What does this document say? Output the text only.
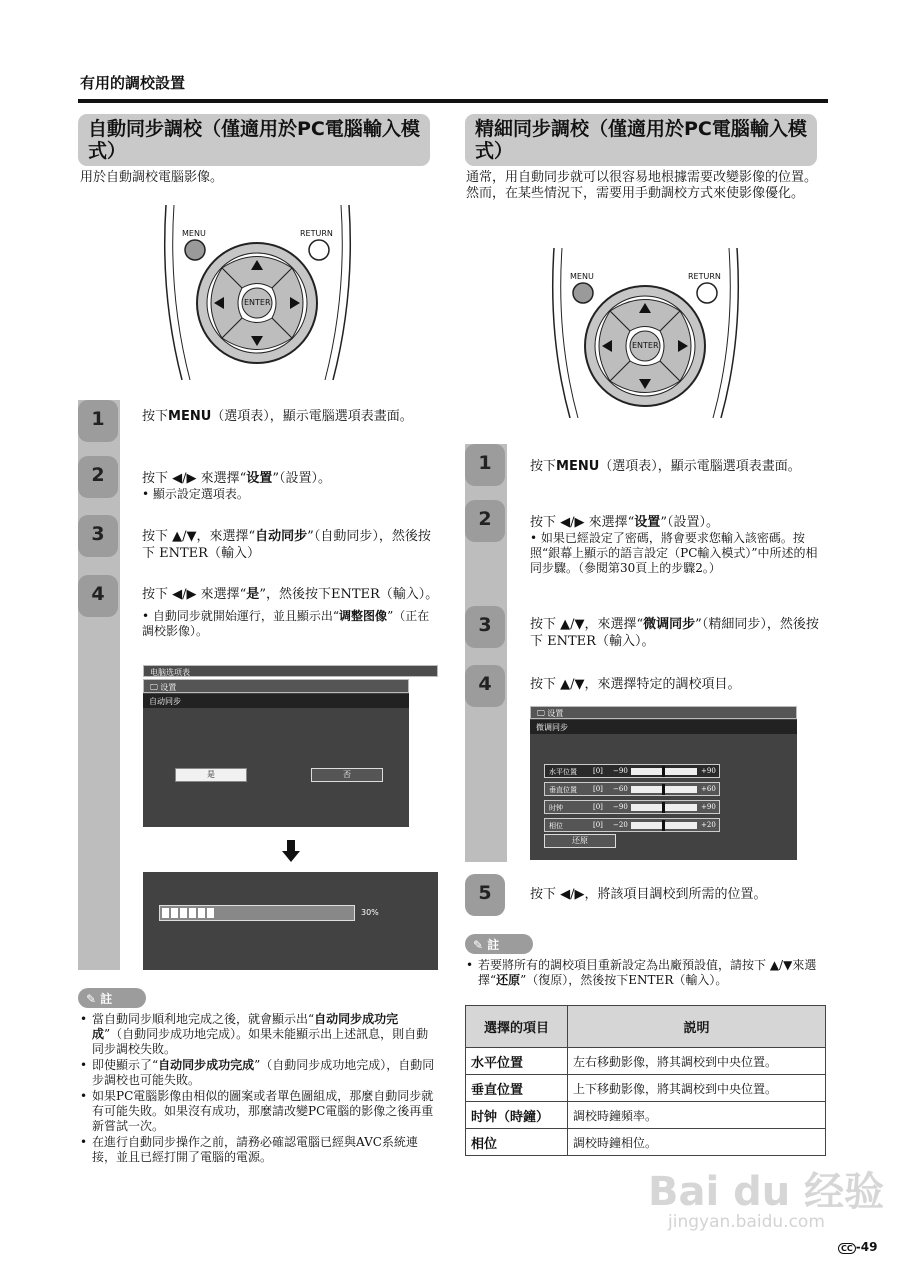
有用的調校設置
自動同步調校（僅適用於PC電腦輸入模式）
用於自動調校電腦影像。
MENU	RETURN
ENTER
1
2
3
4
按下MENU（選項表），顯示電腦選項表畫面。
按下 ◀/▶ 來選擇“设置”（設置）。
• 顯示設定選項表。
按下 ▲/▼，來選擇“自动同步”（自動同步），然後按下 ENTER（輸入）
按下 ◀/▶ 來選擇“是”，然後按下ENTER（輸入）。
• 自動同步就開始運行，並且顯示出“调整图像”（正在調校影像）。
电脑选项表
🖵 设置
自动同步
是	否
30%
✎ 註
• 當自動同步順利地完成之後，就會顯示出“自动同步成功完成”（自動同步成功地完成）。如果未能顯示出上述訊息，則自動同步調校失敗。
• 即使顯示了“自动同步成功完成”（自動同步成功地完成），自動同步調校也可能失敗。
• 如果PC電腦影像由相似的圖案或者單色圖組成，那麼自動同步就有可能失敗。如果沒有成功，那麼請改變PC電腦的影像之後再重新嘗試一次。
• 在進行自動同步操作之前，請務必確認電腦已經與AVC系統連接，並且已經打開了電腦的電源。
精細同步調校（僅適用於PC電腦輸入模式）
通常，用自動同步就可以很容易地根據需要改變影像的位置。然而，在某些情況下，需要用手動調校方式來使影像優化。
MENU	RETURN
ENTER
1
2
3
4
5
按下MENU（選項表），顯示電腦選項表畫面。
按下 ◀/▶ 來選擇“设置”（設置）。
• 如果已經設定了密碼，將會要求您輸入該密碼。按照“銀幕上顯示的語言設定（PC輸入模式）”中所述的相同步驟。（參閱第30頁上的步驟2。）
按下 ▲/▼，來選擇“微调同步”（精細同步），然後按下 ENTER（輸入）。
按下 ▲/▼，來選擇特定的調校項目。
按下 ◀/▶，將該項目調校到所需的位置。
🖵 设置
微调同步
水平位置 [0] −90	+90
垂直位置 [0] −60	+60
时钟	[0] −90	+90
相位	[0] −20	+20
还原
✎ 註
• 若要將所有的調校項目重新設定為出廠預設值，請按下 ▲/▼來選擇“还原”（復原），然後按下ENTER（輸入）。
選擇的項目	説明
水平位置	左右移動影像，將其調校到中央位置。
垂直位置	上下移動影像，將其調校到中央位置。
时钟（時鐘）	調校時鐘頻率。
相位	調校時鐘相位。
Bai du 经验
jingyan.baidu.com
CC -49
